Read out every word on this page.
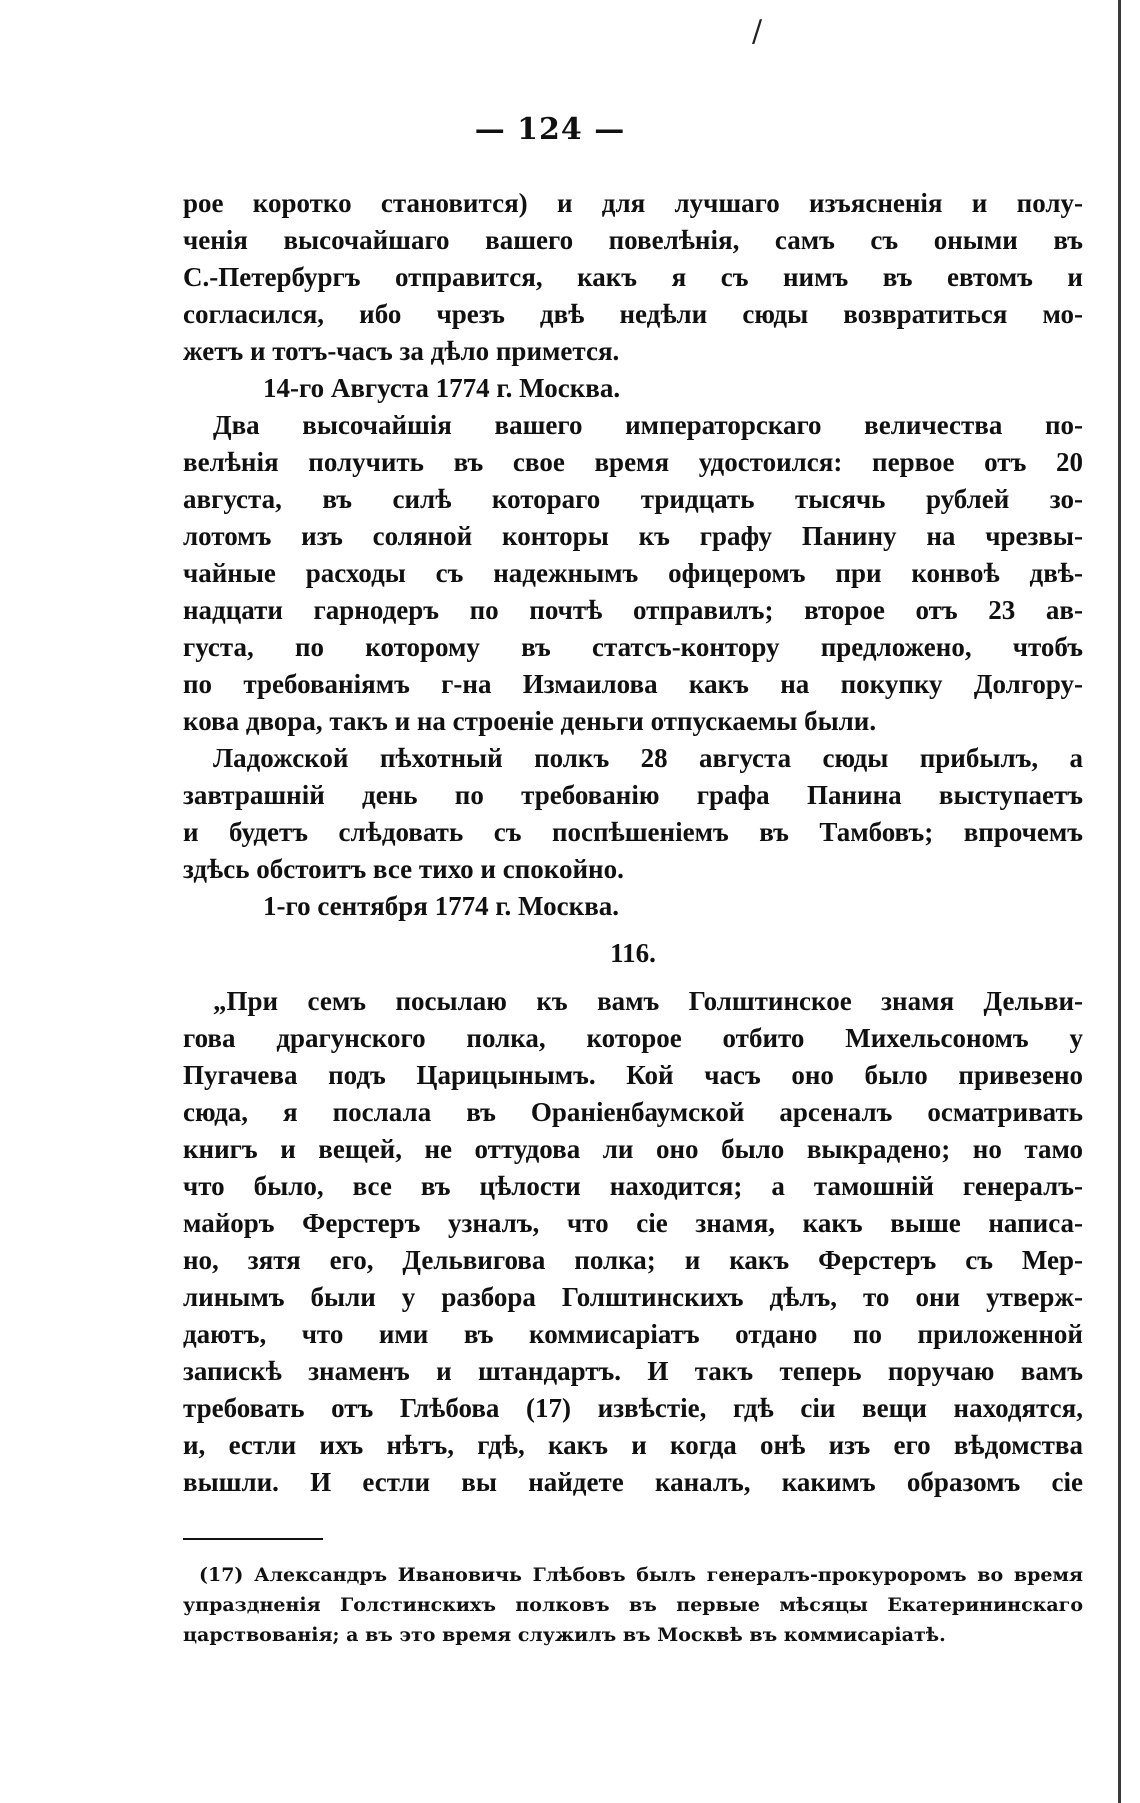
/
— 124 —
рое коротко становится) и для лучшаго изъясненія и полу-
ченія высочайшаго вашего повелѣнія, самъ съ оными въ
С.-Петербургъ отправится, какъ я съ нимъ въ евтомъ и
согласился, ибо чрезъ двѣ недѣли сюды возвратиться мо-
жетъ и тотъ-часъ за дѣло примется.
14-го Августа 1774 г. Москва.
Два высочайшія вашего императорскаго величества по-
велѣнія получить въ свое время удостоился: первое отъ 20
августа, въ силѣ котораго тридцать тысячь рублей зо-
лотомъ изъ соляной конторы къ графу Панину на чрезвы-
чайные расходы съ надежнымъ офицеромъ при конвоѣ двѣ-
надцати гарнодеръ по почтѣ отправилъ; второе отъ 23 ав-
густа, по которому въ статсъ-контору предложено, чтобъ
по требованіямъ г-на Измаилова какъ на покупку Долгору-
кова двора, такъ и на строеніе деньги отпускаемы были.
Ладожской пѣхотный полкъ 28 августа сюды прибылъ, а
завтрашній день по требованію графа Панина выступаетъ
и будетъ слѣдовать съ поспѣшеніемъ въ Тамбовъ; впрочемъ
здѣсь обстоитъ все тихо и спокойно.
1-го сентября 1774 г. Москва.
116.
„При семъ посылаю къ вамъ Голштинское знамя Дельви-
гова драгунского полка, которое отбито Михельсономъ у
Пугачева подъ Царицынымъ. Кой часъ оно было привезено
сюда, я послала въ Ораніенбаумской арсеналъ осматривать
книгъ и вещей, не оттудова ли оно было выкрадено; но тамо
что было, все въ цѣлости находится; а тамошній генералъ-
майоръ Ферстеръ узналъ, что сіе знамя, какъ выше написа-
но, зятя его, Дельвигова полка; и какъ Ферстеръ съ Мер-
линымъ были у разбора Голштинскихъ дѣлъ, то они утверж-
даютъ, что ими въ коммисаріатъ отдано по приложенной
запискѣ знаменъ и штандартъ. И такъ теперь поручаю вамъ
требовать отъ Глѣбова (17) извѣстіе, гдѣ сіи вещи находятся,
и, естли ихъ нѣтъ, гдѣ, какъ и когда онѣ изъ его вѣдомства
вышли. И естли вы найдете каналъ, какимъ образомъ сіе
(17) Александръ Ивановичь Глѣбовъ былъ генералъ-прокуроромъ во время
упраздненія Голстинскихъ полковъ въ первые мѣсяцы Екатерининскаго
царствованія; а въ это время служилъ въ Москвѣ въ коммисаріатѣ.
